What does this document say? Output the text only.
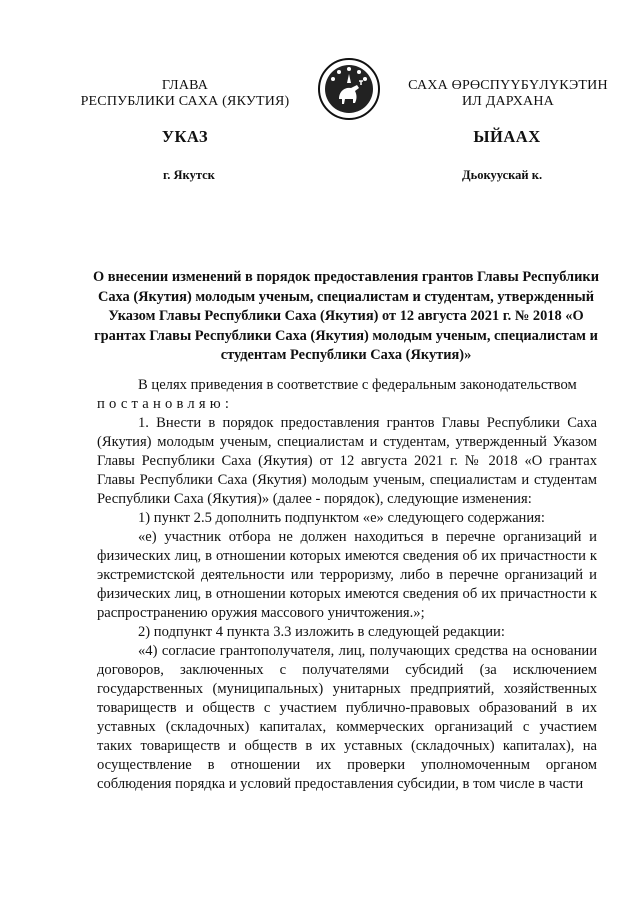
ГЛАВА
РЕСПУБЛИКИ САХА (ЯКУТИЯ)
САХА ӨРӨСПYYБYЛYКЭТИН
ИЛ ДАРХАНА
УКАЗ	ЫЙААХ
г. Якутск	Дьокуускай к.
О внесении изменений в порядок предоставления грантов Главы Республики Саха (Якутия) молодым ученым, специалистам и студентам, утвержденный Указом Главы Республики Саха (Якутия) от 12 августа 2021 г. № 2018 «О грантах Главы Республики Саха (Якутия) молодым ученым, специалистам и студентам Республики Саха (Якутия)»

В целях приведения в соответствие с федеральным законодательством

постановляю:

1. Внести в порядок предоставления грантов Главы Республики Саха (Якутия) молодым ученым, специалистам и студентам, утвержденный Указом Главы Республики Саха (Якутия) от 12 августа 2021 г. № 2018 «О грантах Главы Республики Саха (Якутия) молодым ученым, специалистам и студентам Республики Саха (Якутия)» (далее - порядок), следующие изменения:

1) пункт 2.5 дополнить подпунктом «е» следующего содержания:

«е) участник отбора не должен находиться в перечне организаций и физических лиц, в отношении которых имеются сведения об их причастности к экстремистской деятельности или терроризму, либо в перечне организаций и физических лиц, в отношении которых имеются сведения об их причастности к распространению оружия массового уничтожения.»;

2) подпункт 4 пункта 3.3 изложить в следующей редакции:

«4) согласие грантополучателя, лиц, получающих средства на основании договоров, заключенных с получателями субсидий (за исключением государственных (муниципальных) унитарных предприятий, хозяйственных товариществ и обществ с участием публично-правовых образований в их уставных (складочных) капиталах, коммерческих организаций с участием таких товариществ и обществ в их уставных (складочных) капиталах), на осуществление в отношении их проверки уполномоченным органом соблюдения порядка и условий предоставления субсидии, в том числе в части
